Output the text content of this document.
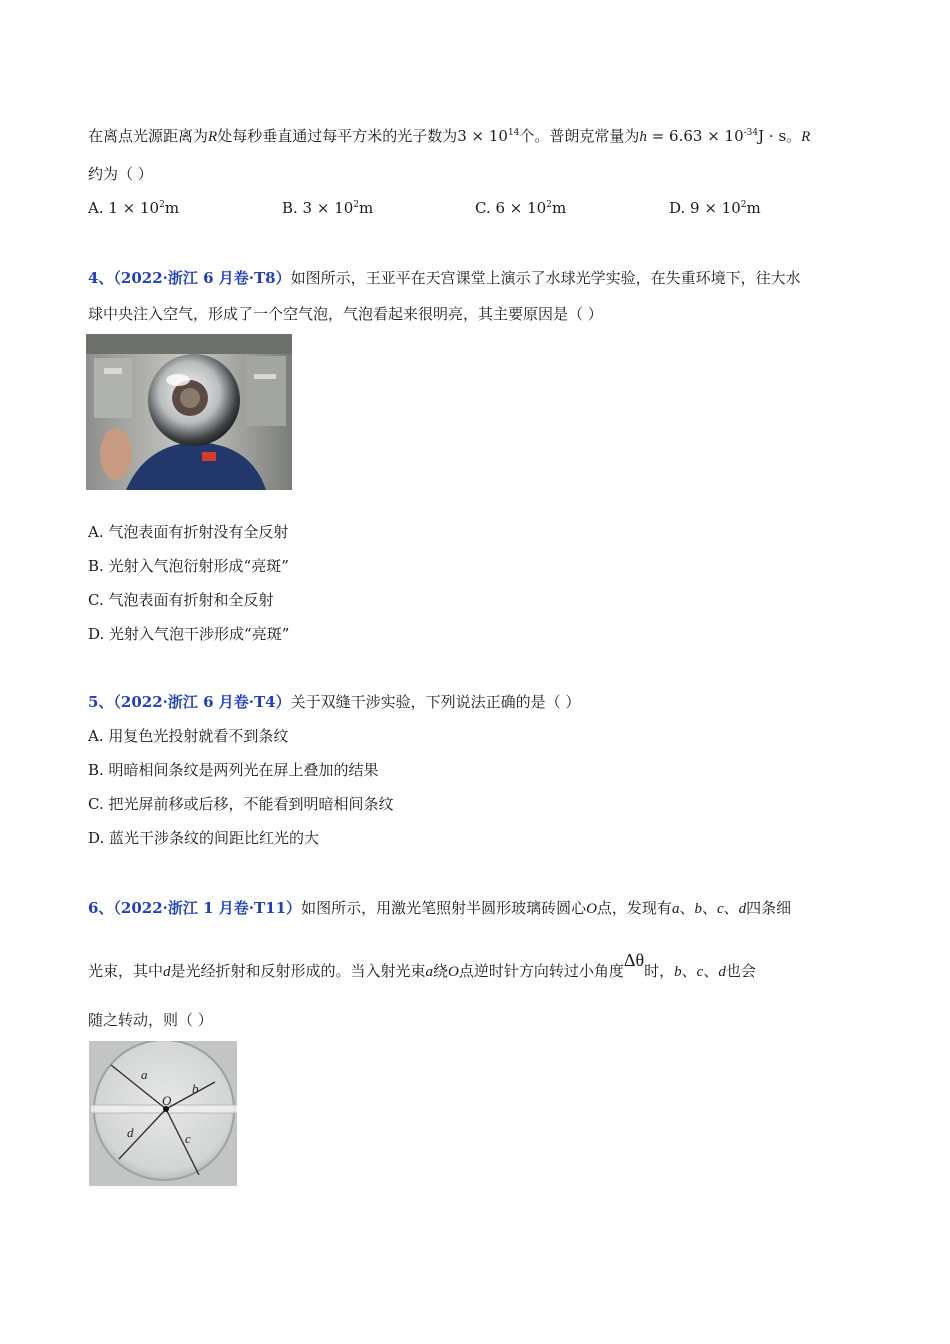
在离点光源距离为R处每秒垂直通过每平方米的光子数为$3 \times 10^{14}$个。普朗克常量为$h = 6.63 \times 10^{-34}J \cdot s$。R
约为（ ）
A. $1 \times 10^2m$	B. $3 \times 10^2m$	C. $6 \times 10^2m$	D. $9 \times 10^2m$
4、（2022·浙江 6 月卷·T8）如图所示，王亚平在天宫课堂上演示了水球光学实验，在失重环境下，往大水
球中央注入空气，形成了一个空气泡，气泡看起来很明亮，其主要原因是（ ）
A. 气泡表面有折射没有全反射
B. 光射入气泡衍射形成“亮斑”
C. 气泡表面有折射和全反射
D. 光射入气泡干涉形成“亮斑”
5、（2022·浙江 6 月卷·T4）关于双缝干涉实验，下列说法正确的是（ ）
A. 用复色光投射就看不到条纹
B. 明暗相间条纹是两列光在屏上叠加的结果
C. 把光屏前移或后移，不能看到明暗相间条纹
D. 蓝光干涉条纹的间距比红光的大
6、（2022·浙江 1 月卷·T11）如图所示，用激光笔照射半圆形玻璃砖圆心O点，发现有a、b、c、d四条细
光束，其中d是光经折射和反射形成的。当入射光束a绕O点逆时针方向转过小角度Δθ时，b、c、d也会
随之转动，则（ ）
a
b
c
d
O
